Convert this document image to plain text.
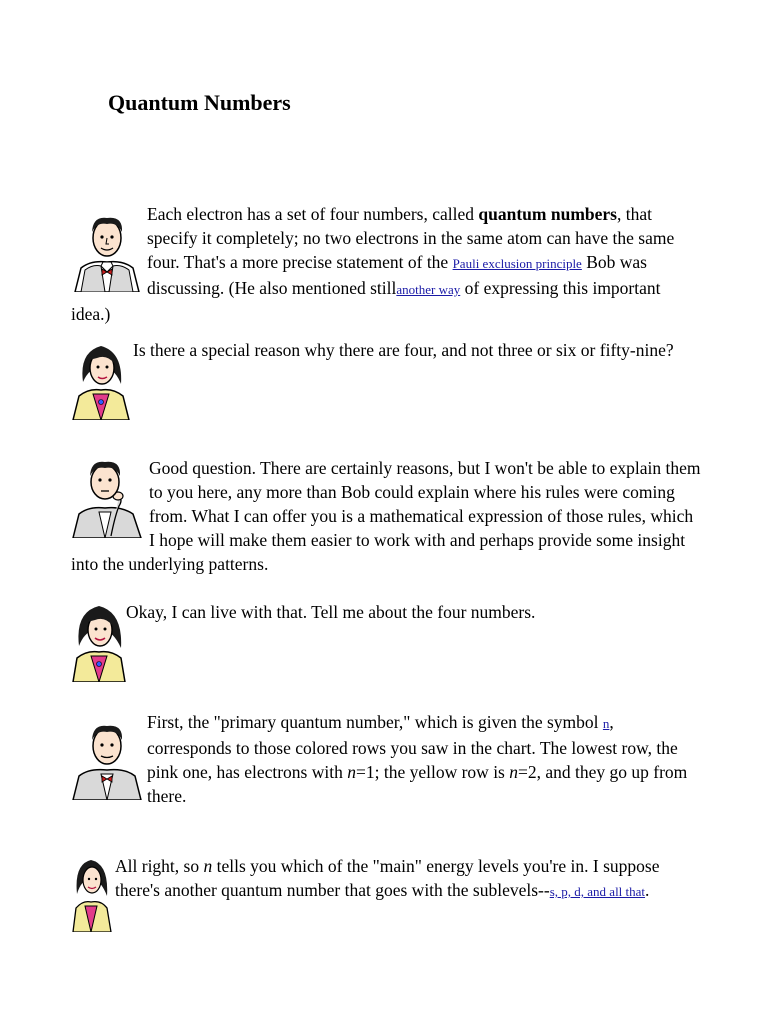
Quantum Numbers

Each electron has a set of four numbers, called quantum numbers, that specify it completely; no two electrons in the same atom can have the same four. That's a more precise statement of the Pauli exclusion principle Bob was discussing. (He also mentioned stillanother way of expressing this important idea.)

Is there a special reason why there are four, and not three or six or fifty-nine?

Good question. There are certainly reasons, but I won't be able to explain them to you here, any more than Bob could explain where his rules were coming from. What I can offer you is a mathematical expression of those rules, which I hope will make them easier to work with and perhaps provide some insight into the underlying patterns.

Okay, I can live with that. Tell me about the four numbers.

First, the "primary quantum number," which is given the symbol n, corresponds to those colored rows you saw in the chart. The lowest row, the pink one, has electrons with n=1; the yellow row is n=2, and they go up from there.

All right, so n tells you which of the "main" energy levels you're in. I suppose there's another quantum number that goes with the sublevels--s, p, d, and all that.
